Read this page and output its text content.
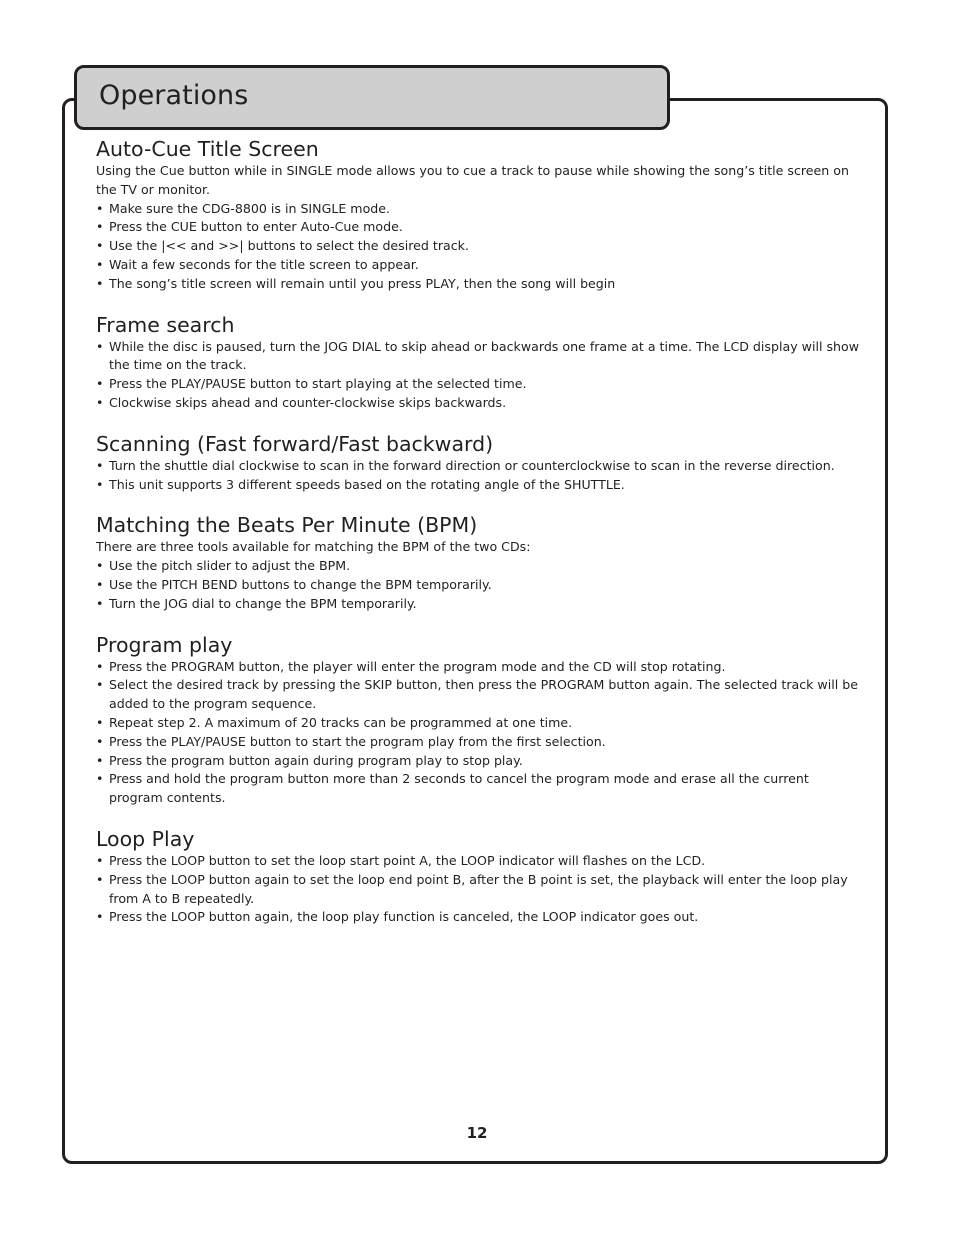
Operations
Auto-Cue Title Screen

Using the Cue button while in SINGLE mode allows you to cue a track to pause while showing the song’s title screen on the TV or monitor.

• Make sure the CDG-8800 is in SINGLE mode.
• Press the CUE button to enter Auto-Cue mode.
• Use the |<< and >>| buttons to select the desired track.
• Wait a few seconds for the title screen to appear.
• The song’s title screen will remain until you press PLAY, then the song will begin
Frame search
• While the disc is paused, turn the JOG DIAL to skip ahead or backwards one frame at a time. The LCD display will show the time on the track.
• Press the PLAY/PAUSE button to start playing at the selected time.
• Clockwise skips ahead and counter-clockwise skips backwards.
Scanning (Fast forward/Fast backward)
• Turn the shuttle dial clockwise to scan in the forward direction or counterclockwise to scan in the reverse direction.
• This unit supports 3 different speeds based on the rotating angle of the SHUTTLE.
Matching the Beats Per Minute (BPM)

There are three tools available for matching the BPM of the two CDs:

• Use the pitch slider to adjust the BPM.
• Use the PITCH BEND buttons to change the BPM temporarily.
• Turn the JOG dial to change the BPM temporarily.
Program play
• Press the PROGRAM button, the player will enter the program mode and the CD will stop rotating.
• Select the desired track by pressing the SKIP button, then press the PROGRAM button again. The selected track will be added to the program sequence.
• Repeat step 2. A maximum of 20 tracks can be programmed at one time.
• Press the PLAY/PAUSE button to start the program play from the first selection.
• Press the program button again during program play to stop play.
• Press and hold the program button more than 2 seconds to cancel the program mode and erase all the current program contents.
Loop Play
• Press the LOOP button to set the loop start point A, the LOOP indicator will flashes on the LCD.
• Press the LOOP button again to set the loop end point B, after the B point is set, the playback will enter the loop play from A to B repeatedly.
• Press the LOOP button again, the loop play function is canceled, the LOOP indicator goes out.
12
